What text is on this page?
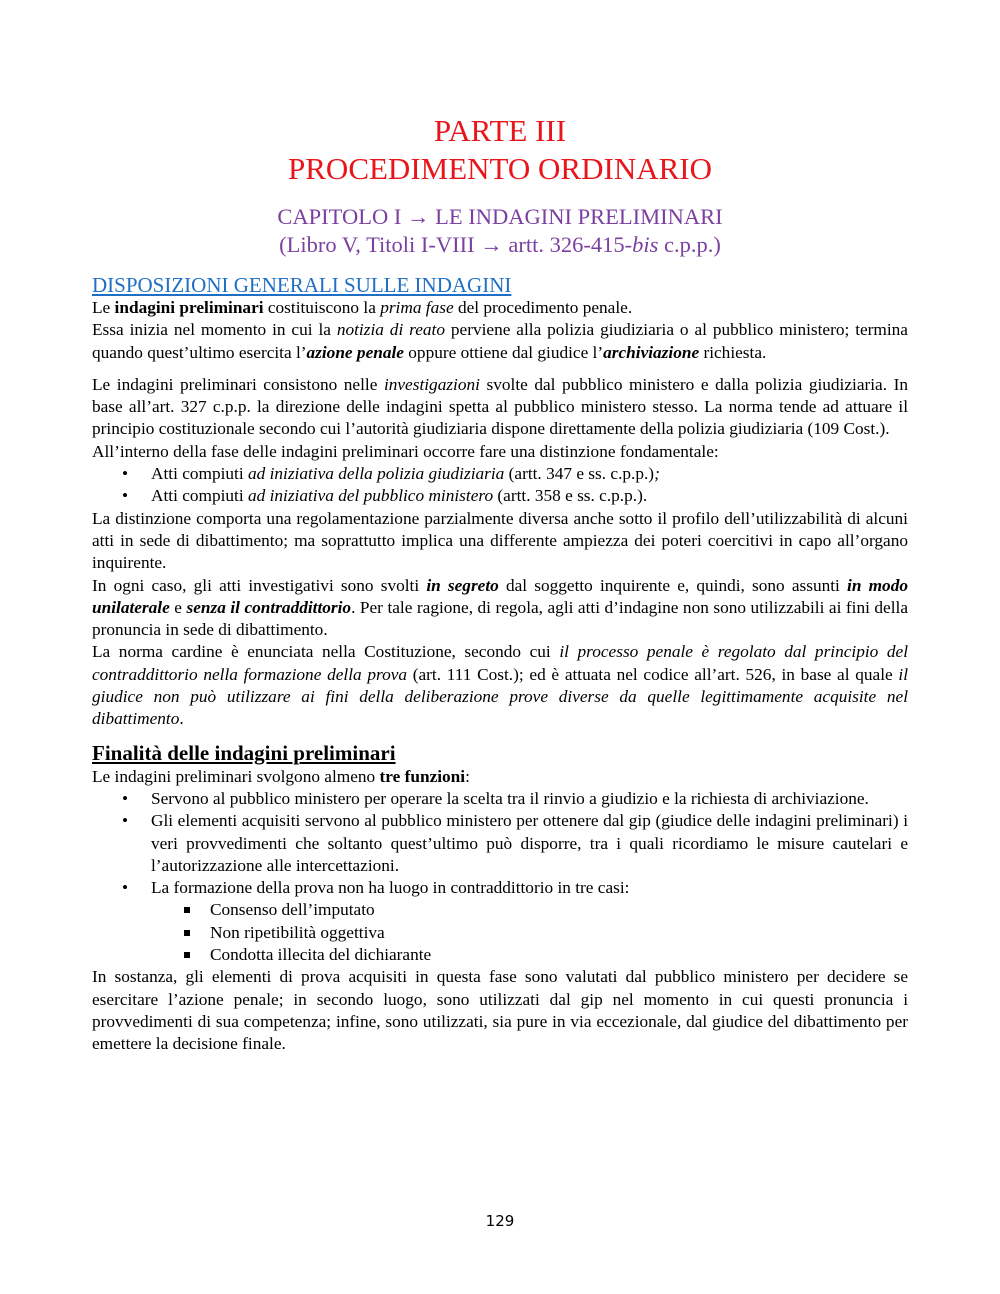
PARTE III
PROCEDIMENTO ORDINARIO
CAPITOLO I → LE INDAGINI PRELIMINARI
(Libro V, Titoli I-VIII → artt. 326-415-bis c.p.p.)
DISPOSIZIONI GENERALI SULLE INDAGINI

Le indagini preliminari costituiscono la prima fase del procedimento penale.

Essa inizia nel momento in cui la notizia di reato perviene alla polizia giudiziaria o al pubblico ministero; termina quando quest’ultimo esercita l’azione penale oppure ottiene dal giudice l’archiviazione richiesta.

Le indagini preliminari consistono nelle investigazioni svolte dal pubblico ministero e dalla polizia giudiziaria. In base all’art. 327 c.p.p. la direzione delle indagini spetta al pubblico ministero stesso. La norma tende ad attuare il principio costituzionale secondo cui l’autorità giudiziaria dispone direttamente della polizia giudiziaria (109 Cost.).

All’interno della fase delle indagini preliminari occorre fare una distinzione fondamentale:

• Atti compiuti ad iniziativa della polizia giudiziaria (artt. 347 e ss. c.p.p.);
• Atti compiuti ad iniziativa del pubblico ministero (artt. 358 e ss. c.p.p.).

La distinzione comporta una regolamentazione parzialmente diversa anche sotto il profilo dell’utilizzabilità di alcuni atti in sede di dibattimento; ma soprattutto implica una differente ampiezza dei poteri coercitivi in capo all’organo inquirente.

In ogni caso, gli atti investigativi sono svolti in segreto dal soggetto inquirente e, quindi, sono assunti in modo unilaterale e senza il contraddittorio. Per tale ragione, di regola, agli atti d’indagine non sono utilizzabili ai fini della pronuncia in sede di dibattimento.

La norma cardine è enunciata nella Costituzione, secondo cui il processo penale è regolato dal principio del contraddittorio nella formazione della prova (art. 111 Cost.); ed è attuata nel codice all’art. 526, in base al quale il giudice non può utilizzare ai fini della deliberazione prove diverse da quelle legittimamente acquisite nel dibattimento.

Finalità delle indagini preliminari

Le indagini preliminari svolgono almeno tre funzioni:

• Servono al pubblico ministero per operare la scelta tra il rinvio a giudizio e la richiesta di archiviazione.
• Gli elementi acquisiti servono al pubblico ministero per ottenere dal gip (giudice delle indagini preliminari) i veri provvedimenti che soltanto quest’ultimo può disporre, tra i quali ricordiamo le misure cautelari e l’autorizzazione alle intercettazioni.
• La formazione della prova non ha luogo in contraddittorio in tre casi:
Consenso dell’imputato
Non ripetibilità oggettiva
Condotta illecita del dichiarante

In sostanza, gli elementi di prova acquisiti in questa fase sono valutati dal pubblico ministero per decidere se esercitare l’azione penale; in secondo luogo, sono utilizzati dal gip nel momento in cui questi pronuncia i provvedimenti di sua competenza; infine, sono utilizzati, sia pure in via eccezionale, dal giudice del dibattimento per emettere la decisione finale.

129
